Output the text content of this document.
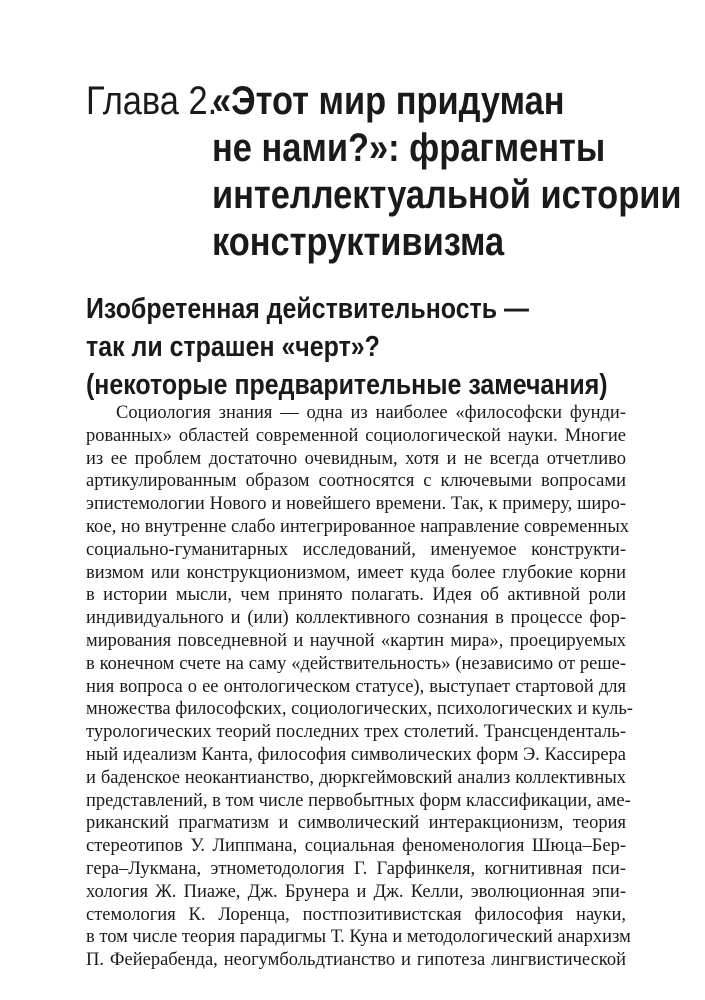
Глава 2.
«Этот мир придуман
не нами?»: фрагменты
интеллектуальной истории
конструктивизма
Изобретенная действительность —
так ли страшен «черт»?
(некоторые предварительные замечания)
Социология знания — одна из наиболее «философски фунди-
рованных» областей современной социологической науки. Многие
из ее проблем достаточно очевидным, хотя и не всегда отчетливо
артикулированным образом соотносятся с ключевыми вопросами
эпистемологии Нового и новейшего времени. Так, к примеру, широ-
кое, но внутренне слабо интегрированное направление современных
социально-гуманитарных исследований, именуемое конструкти-
визмом или конструкционизмом, имеет куда более глубокие корни
в истории мысли, чем принято полагать. Идея об активной роли
индивидуального и (или) коллективного сознания в процессе фор-
мирования повседневной и научной «картин мира», проецируемых
в конечном счете на саму «действительность» (независимо от реше-
ния вопроса о ее онтологическом статусе), выступает стартовой для
множества философских, социологических, психологических и куль-
турологических теорий последних трех столетий. Трансценденталь-
ный идеализм Канта, философия символических форм Э. Кассирера
и баденское неокантианство, дюркгеймовский анализ коллективных
представлений, в том числе первобытных форм классификации, аме-
риканский прагматизм и символический интеракционизм, теория
стереотипов У. Липпмана, социальная феноменология Шюца–Бер-
гера–Лукмана, этнометодология Г. Гарфинкеля, когнитивная пси-
хология Ж. Пиаже, Дж. Брунера и Дж. Келли, эволюционная эпи-
стемология К. Лоренца, постпозитивистская философия науки,
в том числе теория парадигмы Т. Куна и методологический анархизм
П. Фейерабенда, неогумбольдтианство и гипотеза лингвистической
